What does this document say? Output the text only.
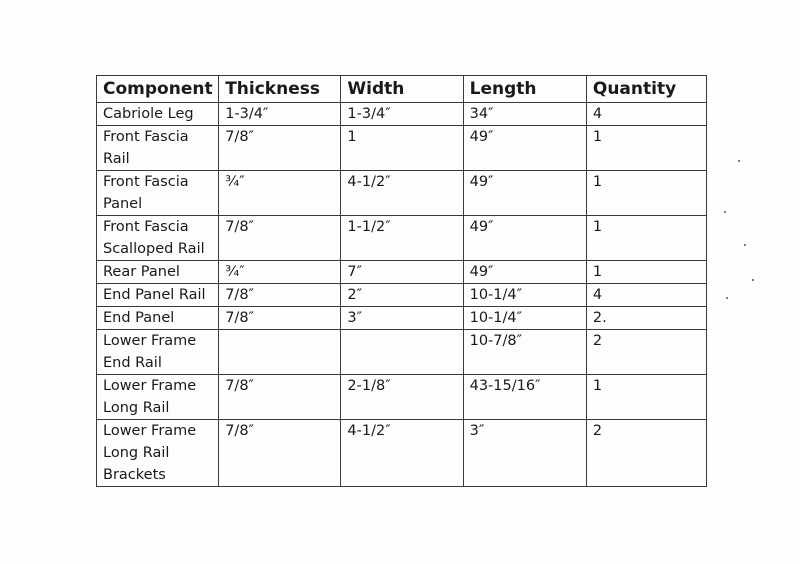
Component	Thickness	Width	Length	Quantity
Cabriole Leg	1-3/4″	1-3/4″	34″	4
Front Fascia Rail	7/8″	1	49″	1
Front Fascia Panel	¾″	4-1/2″	49″	1
Front Fascia Scalloped Rail	7/8″	1-1/2″	49″	1
Rear Panel	¾″	7″	49″	1
End Panel Rail	7/8″	2″	10-1/4″	4
End Panel	7/8″	3″	10-1/4″	2.
Lower Frame End Rail			10-7/8″	2
Lower Frame Long Rail	7/8″	2-1/8″	43-15/16″	1
Lower Frame Long Rail Brackets	7/8″	4-1/2″	3″	2
